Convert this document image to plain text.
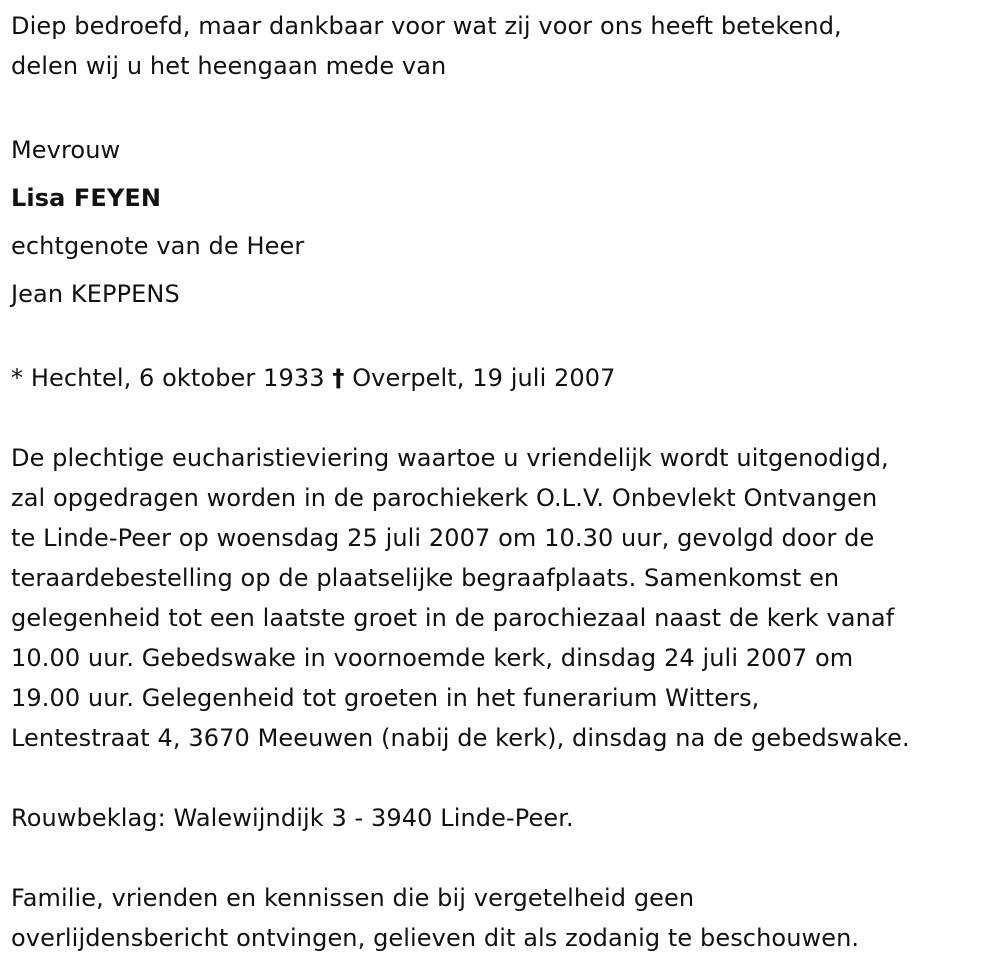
Diep bedroefd, maar dankbaar voor wat zij voor ons heeft betekend,
delen wij u het heengaan mede van
Mevrouw
Lisa FEYEN
echtgenote van de Heer
Jean KEPPENS
* Hechtel, 6 oktober 1933 † Overpelt, 19 juli 2007
De plechtige eucharistieviering waartoe u vriendelijk wordt uitgenodigd,
zal opgedragen worden in de parochiekerk O.L.V. Onbevlekt Ontvangen
te Linde-Peer op woensdag 25 juli 2007 om 10.30 uur, gevolgd door de
teraardebestelling op de plaatselijke begraafplaats. Samenkomst en
gelegenheid tot een laatste groet in de parochiezaal naast de kerk vanaf
10.00 uur. Gebedswake in voornoemde kerk, dinsdag 24 juli 2007 om
19.00 uur. Gelegenheid tot groeten in het funerarium Witters,
Lentestraat 4, 3670 Meeuwen (nabij de kerk), dinsdag na de gebedswake.
Rouwbeklag: Walewijndijk 3 - 3940 Linde-Peer.
Familie, vrienden en kennissen die bij vergetelheid geen
overlijdensbericht ontvingen, gelieven dit als zodanig te beschouwen.
